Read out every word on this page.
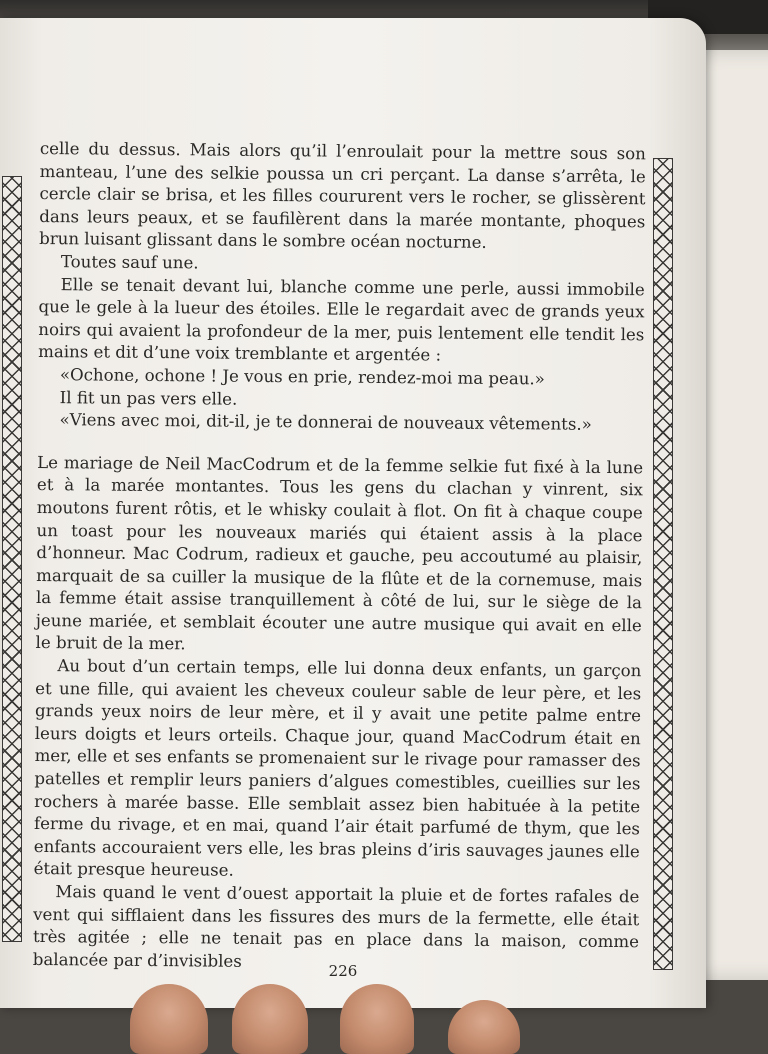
celle du dessus. Mais alors qu’il l’enroulait pour la mettre sous son manteau, l’une des selkie poussa un cri perçant. La danse s’arrêta, le cercle clair se brisa, et les filles coururent vers le rocher, se glissèrent dans leurs peaux, et se faufilèrent dans la marée montante, phoques brun luisant glissant dans le sombre océan nocturne.

Toutes sauf une.

Elle se tenait devant lui, blanche comme une perle, aussi immobile que le gele à la lueur des étoiles. Elle le regardait avec de grands yeux noirs qui avaient la profondeur de la mer, puis lentement elle tendit les mains et dit d’une voix tremblante et argentée :

«Ochone, ochone ! Je vous en prie, rendez-moi ma peau.»

Il fit un pas vers elle.

«Viens avec moi, dit-il, je te donnerai de nouveaux vêtements.»

Le mariage de Neil MacCodrum et de la femme selkie fut fixé à la lune et à la marée montantes. Tous les gens du clachan y vinrent, six moutons furent rôtis, et le whisky coulait à flot. On fit à chaque coupe un toast pour les nouveaux mariés qui étaient assis à la place d’honneur. Mac Codrum, radieux et gauche, peu accoutumé au plaisir, marquait de sa cuiller la musique de la flûte et de la cornemuse, mais la femme était assise tranquillement à côté de lui, sur le siège de la jeune mariée, et semblait écouter une autre musique qui avait en elle le bruit de la mer.

Au bout d’un certain temps, elle lui donna deux enfants, un garçon et une fille, qui avaient les cheveux couleur sable de leur père, et les grands yeux noirs de leur mère, et il y avait une petite palme entre leurs doigts et leurs orteils. Chaque jour, quand MacCodrum était en mer, elle et ses enfants se promenaient sur le rivage pour ramasser des patelles et remplir leurs paniers d’algues comestibles, cueillies sur les rochers à marée basse. Elle semblait assez bien habituée à la petite ferme du rivage, et en mai, quand l’air était parfumé de thym, que les enfants accouraient vers elle, les bras pleins d’iris sauvages jaunes elle était presque heureuse.

Mais quand le vent d’ouest apportait la pluie et de fortes rafales de vent qui sifflaient dans les fissures des murs de la fermette, elle était très agitée ; elle ne tenait pas en place dans la maison, comme balancée par d’invisibles

226
